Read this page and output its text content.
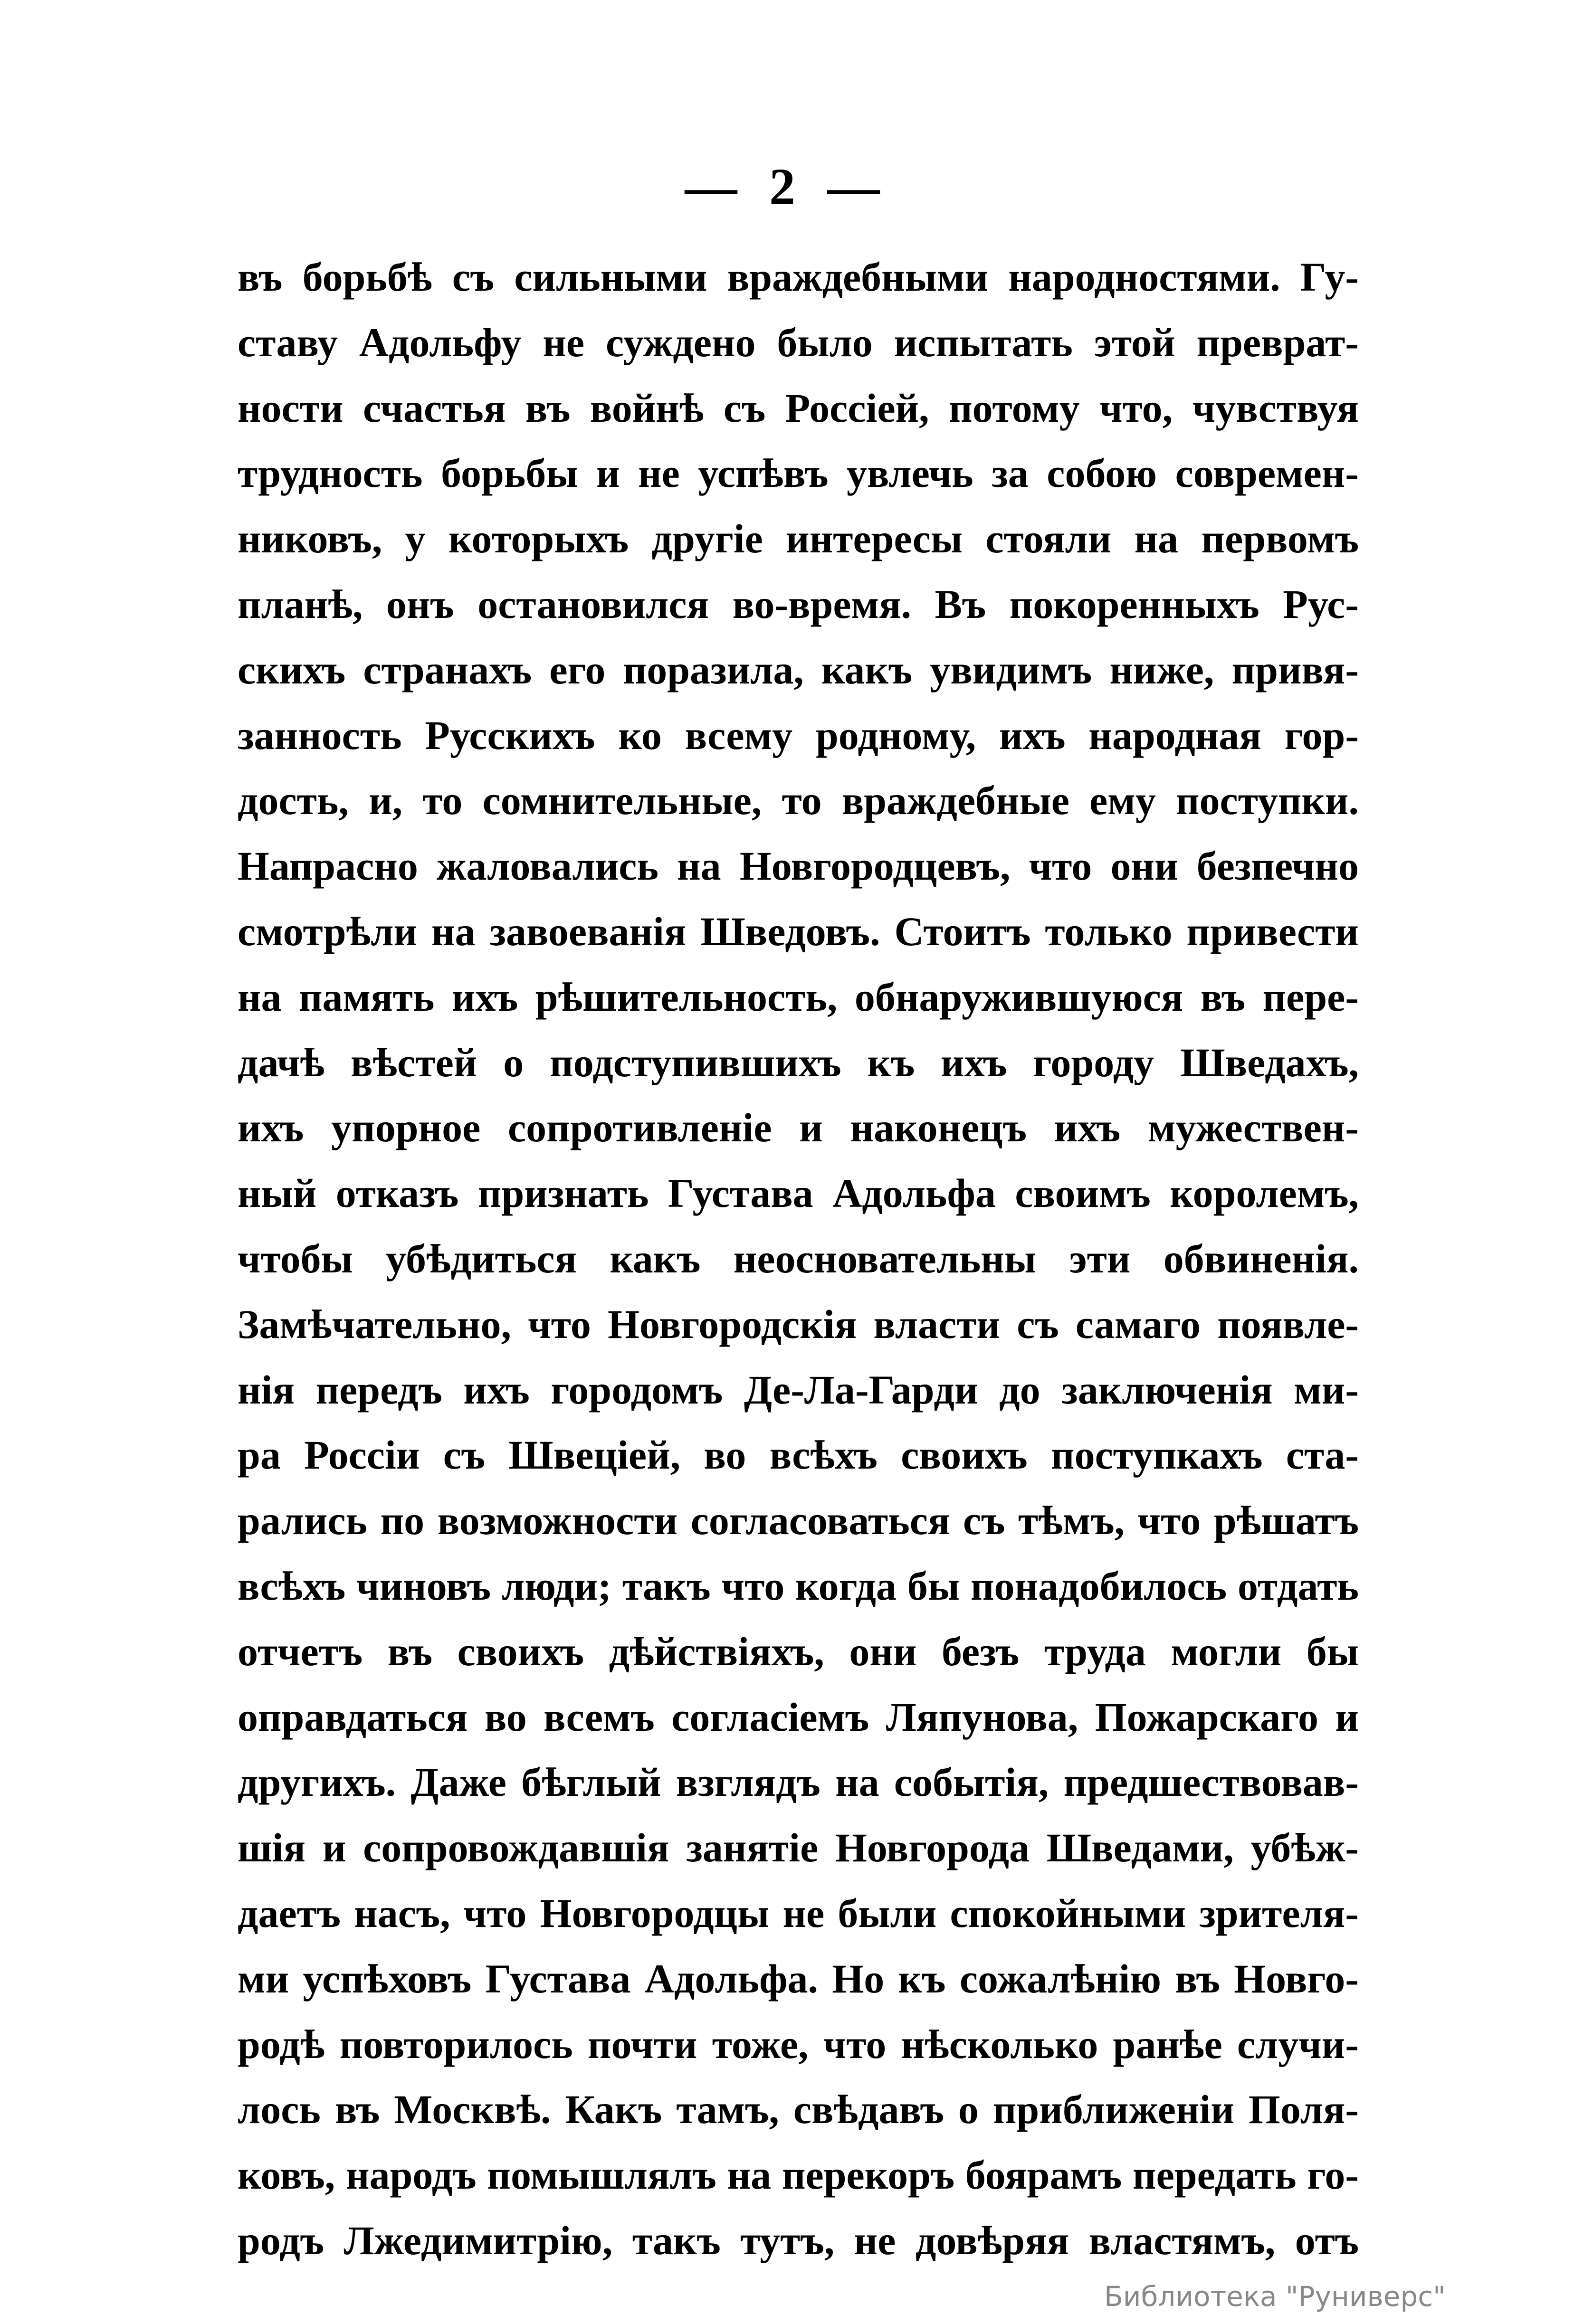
— 2 —
въ борьбѣ съ сильными враждебными народностями. Гу-
ставу Адольфу не суждено было испытать этой преврат-
ности счастья въ войнѣ съ Россіей, потому что, чувствуя
трудность борьбы и не успѣвъ увлечь за собою современ-
никовъ, у которыхъ другіе интересы стояли на первомъ
планѣ, онъ остановился во-время. Въ покоренныхъ Рус-
скихъ странахъ его поразила, какъ увидимъ ниже, привя-
занность Русскихъ ко всему родному, ихъ народная гор-
дость, и, то сомнительные, то враждебные ему поступки.
Напрасно жаловались на Новгородцевъ, что они безпечно
смотрѣли на завоеванія Шведовъ. Стоитъ только привести
на память ихъ рѣшительность, обнаружившуюся въ пере-
дачѣ вѣстей о подступившихъ къ ихъ городу Шведахъ,
ихъ упорное сопротивленіе и наконецъ ихъ мужествен-
ный отказъ признать Густава Адольфа своимъ королемъ,
чтобы убѣдиться какъ неосновательны эти обвиненія.
Замѣчательно, что Новгородскія власти съ самаго появле-
нія передъ ихъ городомъ Де-Ла-Гарди до заключенія ми-
ра Россіи съ Швеціей, во всѣхъ своихъ поступкахъ ста-
рались по возможности согласоваться съ тѣмъ, что рѣшатъ
всѣхъ чиновъ люди; такъ что когда бы понадобилось отдать
отчетъ въ своихъ дѣйствіяхъ, они безъ труда могли бы
оправдаться во всемъ согласіемъ Ляпунова, Пожарскаго и
другихъ. Даже бѣглый взглядъ на событія, предшествовав-
шія и сопровождавшія занятіе Новгорода Шведами, убѣж-
даетъ насъ, что Новгородцы не были спокойными зрителя-
ми успѣховъ Густава Адольфа. Но къ сожалѣнію въ Новго-
родѣ повторилось почти тоже, что нѣсколько ранѣе случи-
лось въ Москвѣ. Какъ тамъ, свѣдавъ о приближеніи Поля-
ковъ, народъ помышлялъ на перекоръ боярамъ передать го-
родъ Лжедимитрію, такъ тутъ, не довѣряя властямъ, отъ
Библиотека "Руниверс"
